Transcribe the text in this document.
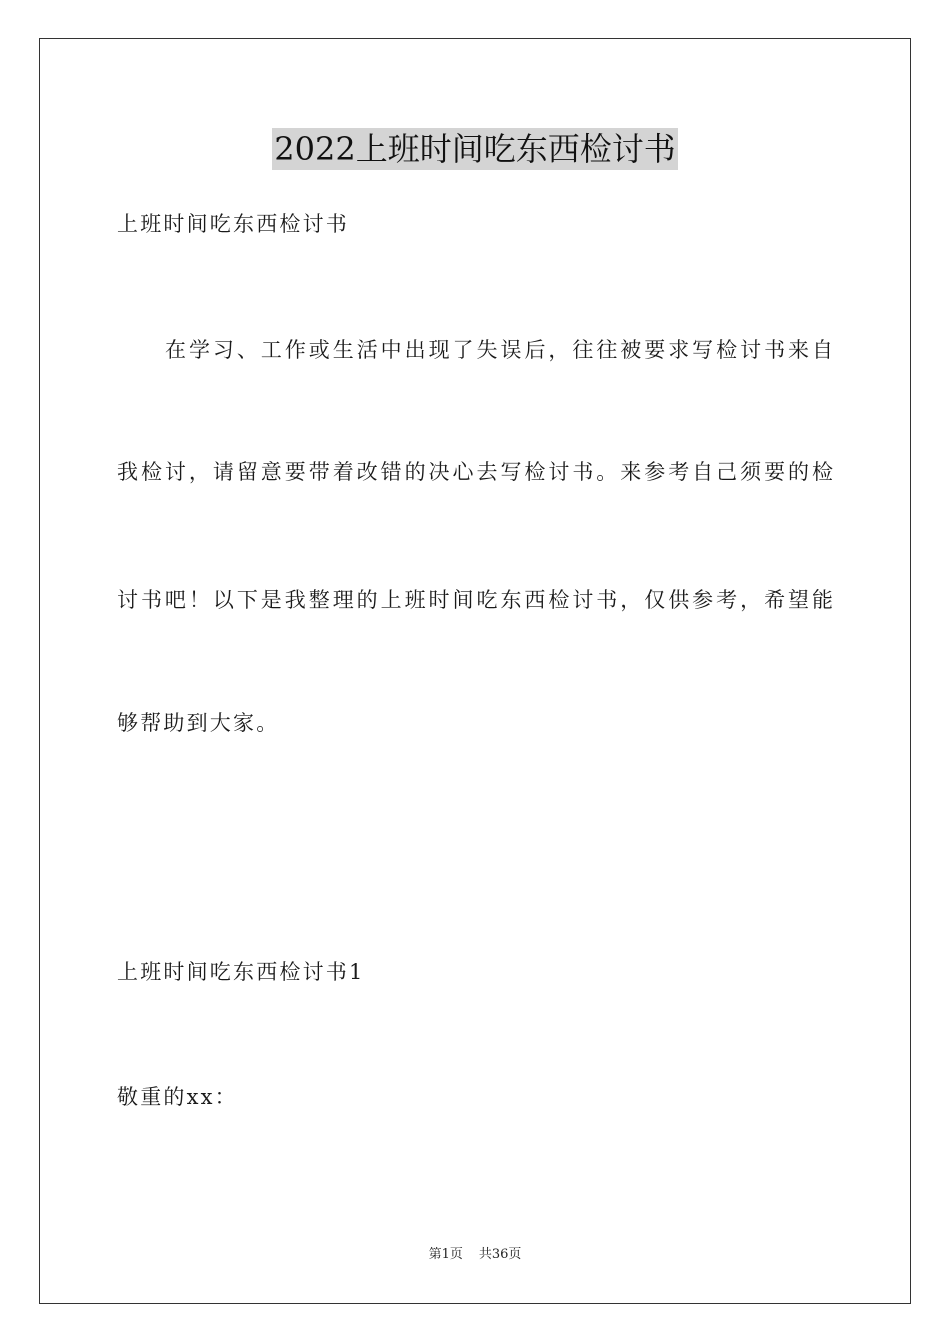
2022上班时间吃东西检讨书
上班时间吃东西检讨书
在学习、工作或生活中出现了失误后，往往被要求写检讨书来自
我检讨，请留意要带着改错的决心去写检讨书。来参考自己须要的检
讨书吧！以下是我整理的上班时间吃东西检讨书，仅供参考，希望能
够帮助到大家。
上班时间吃东西检讨书1
敬重的xx：
第1页 共36页
